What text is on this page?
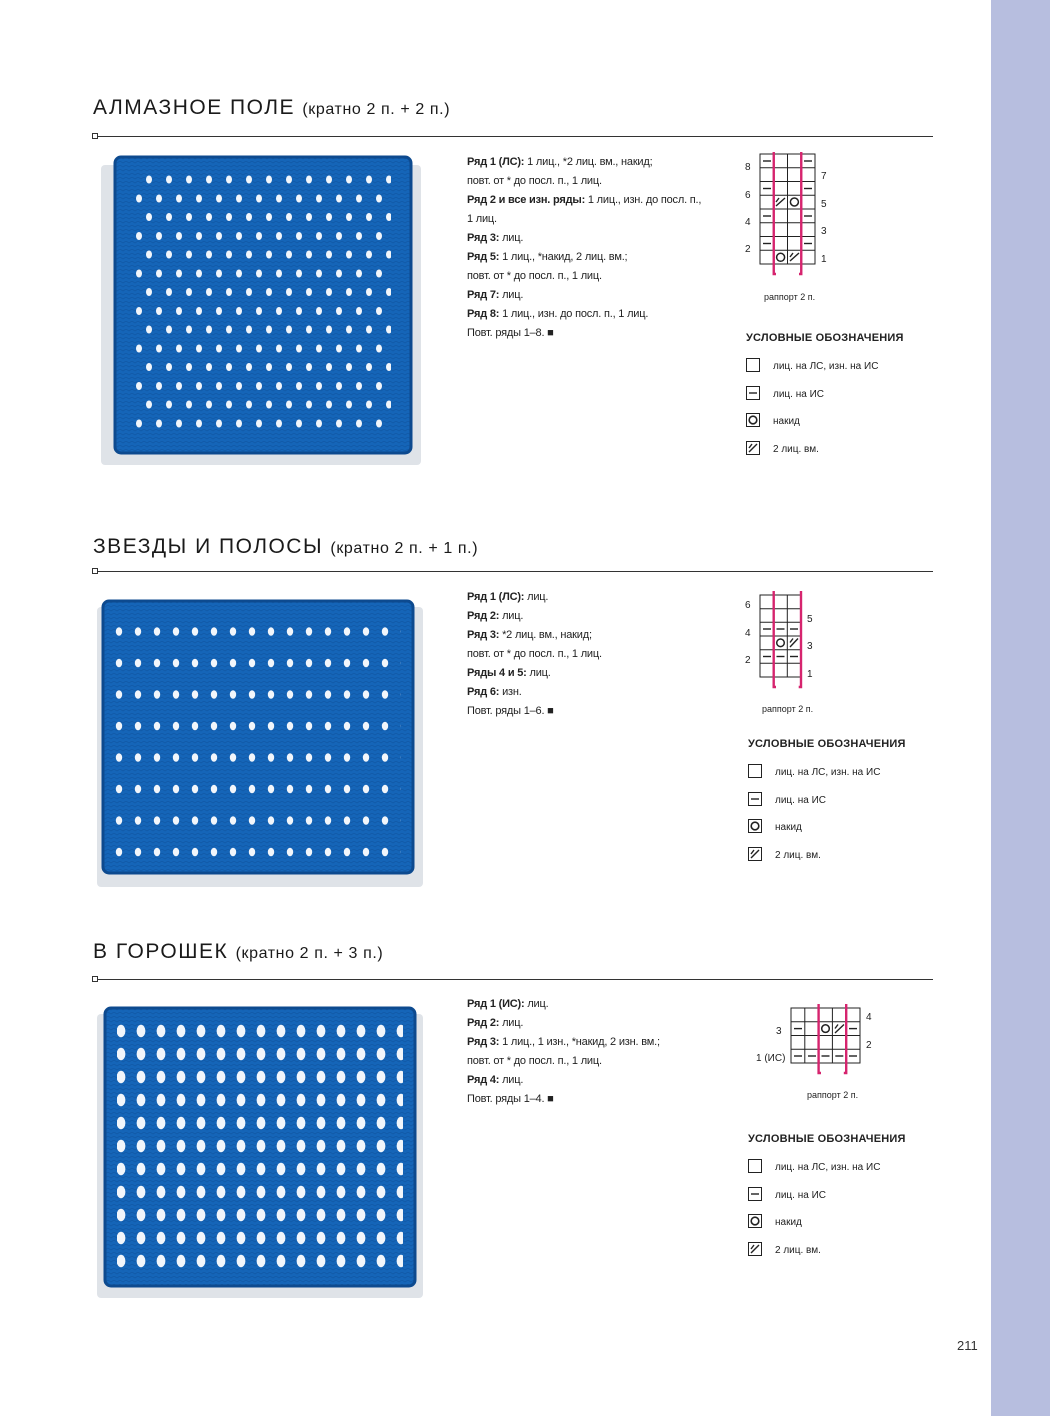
АЛМАЗНОЕ ПОЛЕ (кратно 2 п. + 2 п.)
Ряд 1 (ЛС): 1 лиц., *2 лиц. вм., накид;
повт. от * до посл. п., 1 лиц.
Ряд 2 и все изн. ряды: 1 лиц., изн. до посл. п.,
1 лиц.
Ряд 3: лиц.
Ряд 5: 1 лиц., *накид, 2 лиц. вм.;
повт. от * до посл. п., 1 лиц.
Ряд 7: лиц.
Ряд 8: 1 лиц., изн. до посл. п., 1 лиц.
Повт. ряды 1–8. ■
8
6
4
2
7
5
3
1
раппорт 2 п.
УСЛОВНЫЕ ОБОЗНАЧЕНИЯ
лиц. на ЛС, изн. на ИС
лиц. на ИС
накид
2 лиц. вм.
ЗВЕЗДЫ И ПОЛОСЫ (кратно 2 п. + 1 п.)
Ряд 1 (ЛС): лиц.
Ряд 2: лиц.
Ряд 3: *2 лиц. вм., накид;
повт. от * до посл. п., 1 лиц.
Ряды 4 и 5: лиц.
Ряд 6: изн.
Повт. ряды 1–6. ■
6
4
2
5
3
1
раппорт 2 п.
УСЛОВНЫЕ ОБОЗНАЧЕНИЯ
лиц. на ЛС, изн. на ИС
лиц. на ИС
накид
2 лиц. вм.
В ГОРОШЕК (кратно 2 п. + 3 п.)
Ряд 1 (ИС): лиц.
Ряд 2: лиц.
Ряд 3: 1 лиц., 1 изн., *накид, 2 изн. вм.;
повт. от * до посл. п., 1 лиц.
Ряд 4: лиц.
Повт. ряды 1–4. ■
3
1 (ИС)
4
2
раппорт 2 п.
УСЛОВНЫЕ ОБОЗНАЧЕНИЯ
лиц. на ЛС, изн. на ИС
лиц. на ИС
накид
2 лиц. вм.
211
